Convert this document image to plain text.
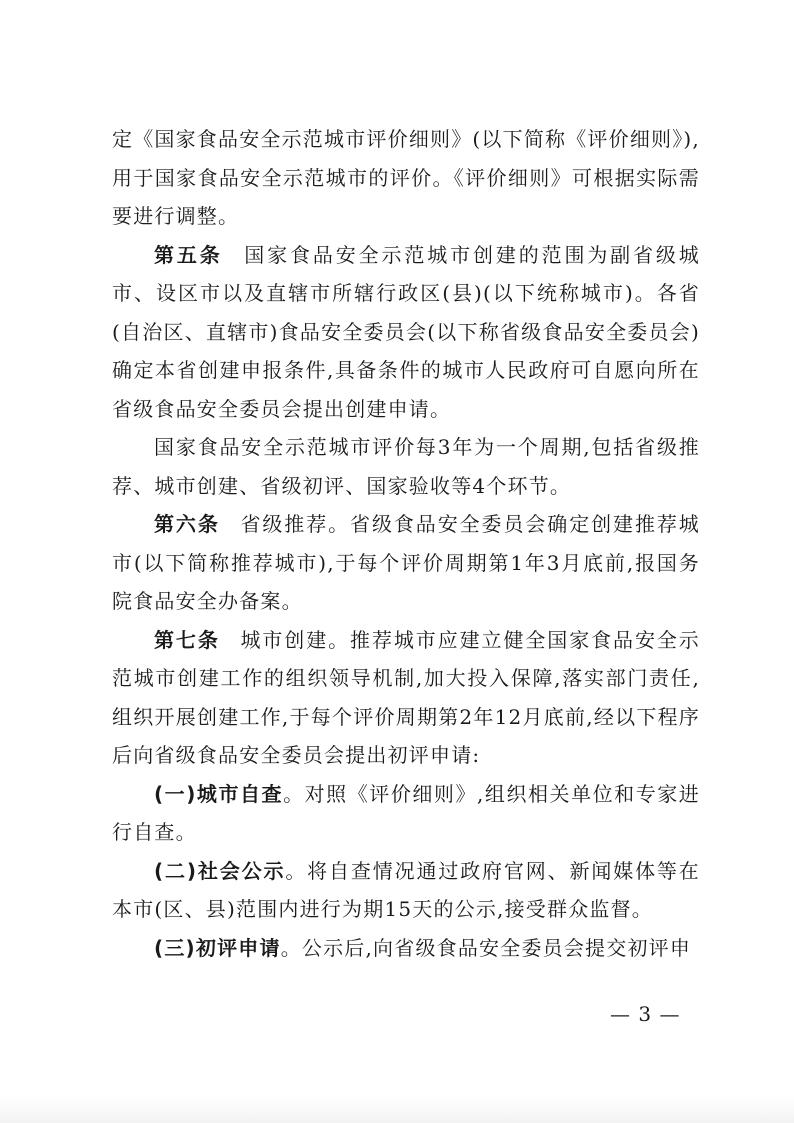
定《国家食品安全示范城市评价细则》(以下简称《评价细则》),用于国家食品安全示范城市的评价。《评价细则》可根据实际需要进行调整。

第五条 国家食品安全示范城市创建的范围为副省级城市、设区市以及直辖市所辖行政区(县)(以下统称城市)。各省(自治区、直辖市)食品安全委员会(以下称省级食品安全委员会)确定本省创建申报条件,具备条件的城市人民政府可自愿向所在省级食品安全委员会提出创建申请。

国家食品安全示范城市评价每3年为一个周期,包括省级推荐、城市创建、省级初评、国家验收等4个环节。

第六条 省级推荐。省级食品安全委员会确定创建推荐城市(以下简称推荐城市),于每个评价周期第1年3月底前,报国务院食品安全办备案。

第七条 城市创建。推荐城市应建立健全国家食品安全示范城市创建工作的组织领导机制,加大投入保障,落实部门责任,组织开展创建工作,于每个评价周期第2年12月底前,经以下程序后向省级食品安全委员会提出初评申请:

(一)城市自查。对照《评价细则》,组织相关单位和专家进行自查。

(二)社会公示。将自查情况通过政府官网、新闻媒体等在本市(区、县)范围内进行为期15天的公示,接受群众监督。

(三)初评申请。公示后,向省级食品安全委员会提交初评申

— 3 —
